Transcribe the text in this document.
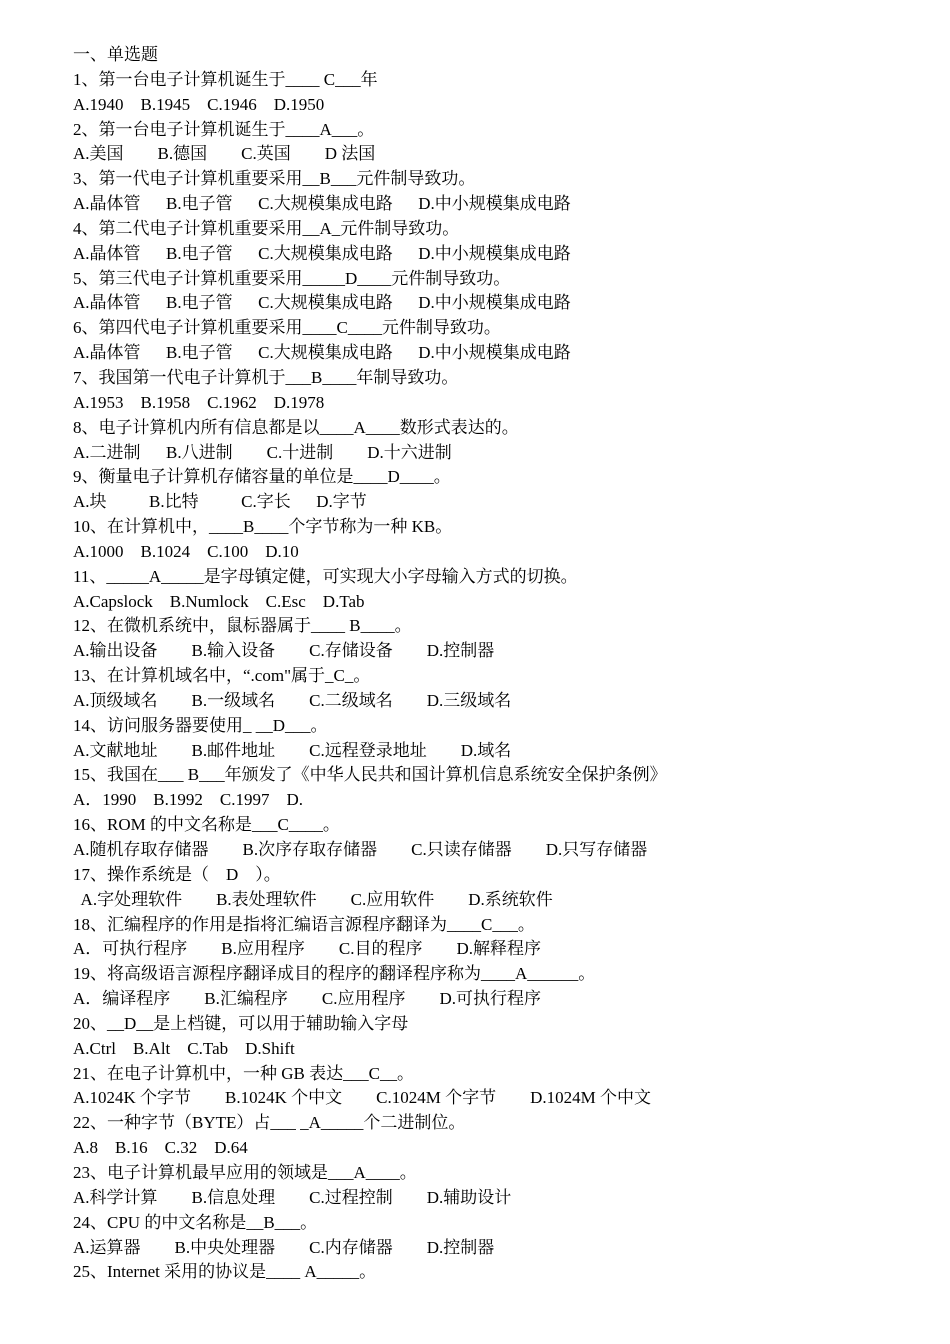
一、单选题
1、第一台电子计算机诞生于____ C___年
A.1940    B.1945    C.1946    D.1950
2、第一台电子计算机诞生于____A___。
A.美国        B.德国        C.英国        D 法国
3、第一代电子计算机重要采用__B___元件制导致功。
A.晶体管      B.电子管      C.大规模集成电路      D.中小规模集成电路
4、第二代电子计算机重要采用__A_元件制导致功。
A.晶体管      B.电子管      C.大规模集成电路      D.中小规模集成电路
5、第三代电子计算机重要采用_____D____元件制导致功。
A.晶体管      B.电子管      C.大规模集成电路      D.中小规模集成电路
6、第四代电子计算机重要采用____C____元件制导致功。
A.晶体管      B.电子管      C.大规模集成电路      D.中小规模集成电路
7、我国第一代电子计算机于___B____年制导致功。
A.1953    B.1958    C.1962    D.1978
8、电子计算机内所有信息都是以____A____数形式表达的。
A.二进制      B.八进制        C.十进制        D.十六进制
9、衡量电子计算机存储容量的单位是____D____。
A.块          B.比特          C.字长      D.字节
10、在计算机中，____B____个字节称为一种 KB。
A.1000    B.1024    C.100    D.10
11、_____A_____是字母镇定健，可实现大小字母输入方式的切换。
A.Capslock    B.Numlock    C.Esc    D.Tab
12、在微机系统中，鼠标器属于____ B____。
A.输出设备        B.输入设备        C.存储设备        D.控制器
13、在计算机域名中，“.com"属于_C_。
A.顶级域名        B.一级域名        C.二级域名        D.三级域名
14、访问服务器要使用_ __D___。
A.文献地址        B.邮件地址        C.远程登录地址        D.域名
15、我国在___ B___年颁发了《中华人民共和国计算机信息系统安全保护条例》
A．1990    B.1992    C.1997    D.
16、ROM 的中文名称是___C____。
A.随机存取存储器        B.次序存取存储器        C.只读存储器        D.只写存储器
17、操作系统是（    D    ）。
A.字处理软件        B.表处理软件        C.应用软件        D.系统软件
18、汇编程序的作用是指将汇编语言源程序翻译为____C___。
A．可执行程序        B.应用程序        C.目的程序        D.解释程序
19、将高级语言源程序翻译成目的程序的翻译程序称为____A______。
A．编译程序        B.汇编程序        C.应用程序        D.可执行程序
20、__D__是上档键，可以用于辅助输入字母
A.Ctrl    B.Alt    C.Tab    D.Shift
21、在电子计算机中，一种 GB 表达___C__。
A.1024K 个字节        B.1024K 个中文        C.1024M 个字节        D.1024M 个中文
22、一种字节（BYTE）占___ _A_____个二进制位。
A.8    B.16    C.32    D.64
23、电子计算机最早应用的领域是___A____。
A.科学计算        B.信息处理        C.过程控制        D.辅助设计
24、CPU 的中文名称是__B___。
A.运算器        B.中央处理器        C.内存储器        D.控制器
25、Internet 采用的协议是____ A_____。
